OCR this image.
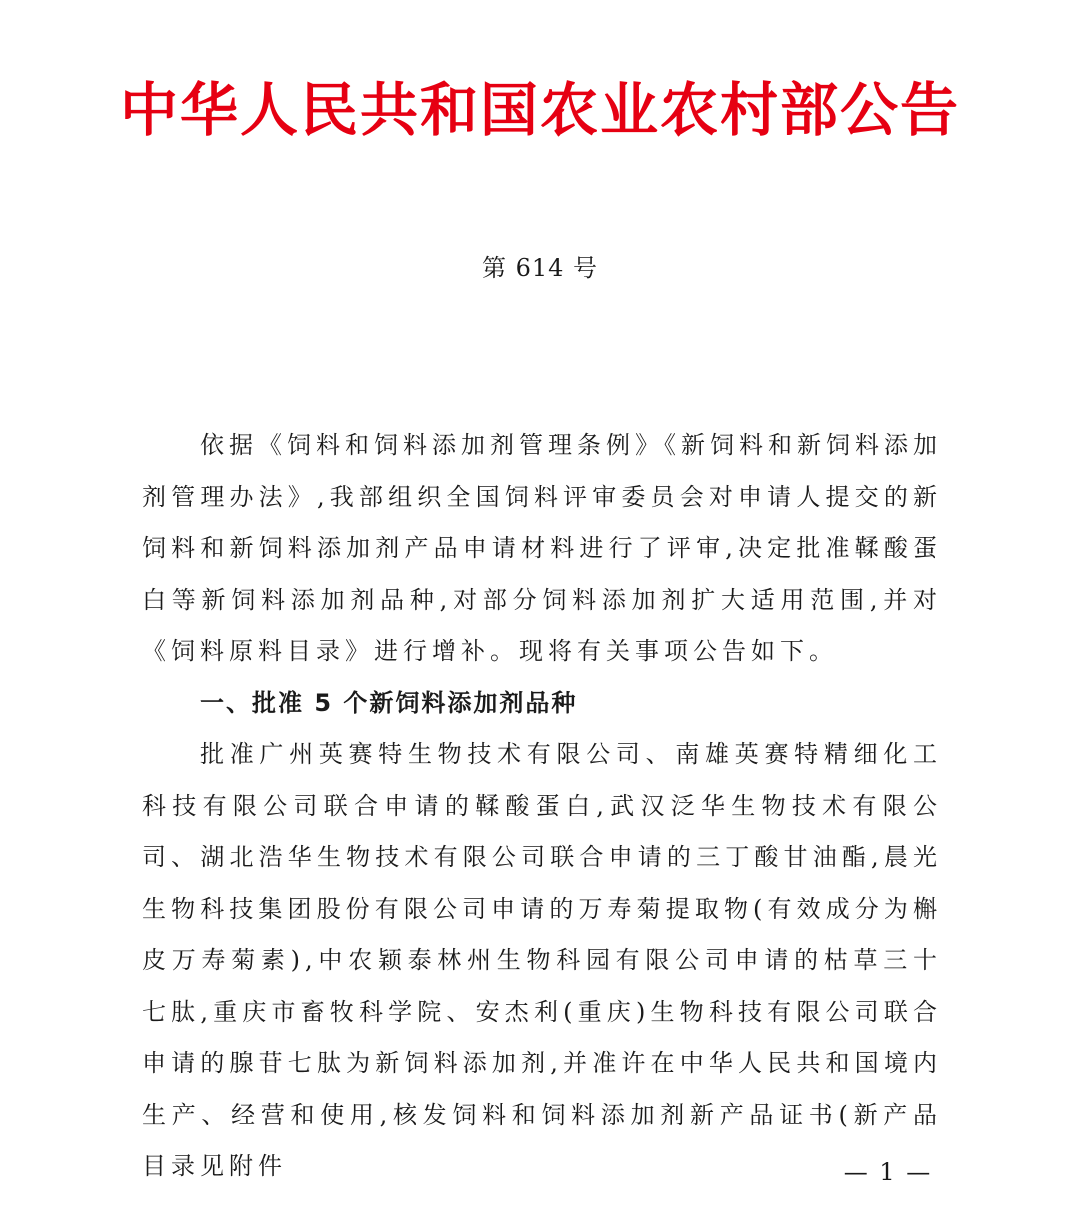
中华人民共和国农业农村部公告
第 614 号

依据《饲料和饲料添加剂管理条例》《新饲料和新饲料添加剂管理办法》,我部组织全国饲料评审委员会对申请人提交的新饲料和新饲料添加剂产品申请材料进行了评审,决定批准鞣酸蛋白等新饲料添加剂品种,对部分饲料添加剂扩大适用范围,并对《饲料原料目录》进行增补。现将有关事项公告如下。

一、批准 5 个新饲料添加剂品种

批准广州英赛特生物技术有限公司、南雄英赛特精细化工科技有限公司联合申请的鞣酸蛋白,武汉泛华生物技术有限公司、湖北浩华生物技术有限公司联合申请的三丁酸甘油酯,晨光生物科技集团股份有限公司申请的万寿菊提取物(有效成分为槲皮万寿菊素),中农颖泰林州生物科园有限公司申请的枯草三十七肽,重庆市畜牧科学院、安杰利(重庆)生物科技有限公司联合申请的腺苷七肽为新饲料添加剂,并准许在中华人民共和国境内生产、经营和使用,核发饲料和饲料添加剂新产品证书(新产品目录见附件	— 1 —
